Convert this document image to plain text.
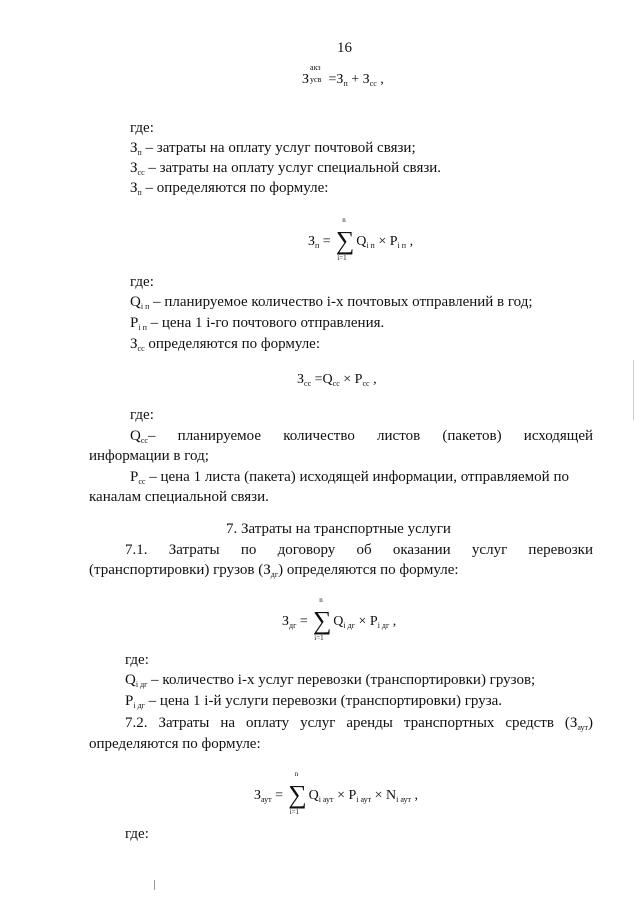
16
З
акз
усв $=З_п + З_{сс}$ ,
где:
$З_п$ – затраты на оплату услуг почтовой связи;
$З_{сс}$ – затраты на оплату услуг специальной связи.
$З_п$ – определяются по формуле:
$З_п$ =
n
∑
i=1
$Q_{i п} \times P_{i п}$ ,
где:
$Q_{i п}$ – планируемое количество i-х почтовых отправлений в год;
$P_{i п}$ – цена 1 i-го почтового отправления.
$З_{сс}$ определяются по формуле:
$З_{сс} =Q_{сс} \times P_{сс}$ ,
где:
$Q_{сс}-$ планируемое количество листов (пакетов) исходящей
информации в год;
$P_{сс}$ – цена 1 листа (пакета) исходящей информации, отправляемой по
каналам специальной связи.
7. Затраты на транспортные услуги
7.1. Затраты по договору об оказании услуг перевозки
(транспортировки) грузов $(З_{дг})$ определяются по формуле:
$З_{дг}$ =
n
∑
i=1
$Q_{i дг} \times P_{i дг}$ ,
где:
$Q_{i дг}$ – количество i-х услуг перевозки (транспортировки) грузов;
$P_{i дг}$ – цена 1 i-й услуги перевозки (транспортировки) груза.
7.2. Затраты на оплату услуг аренды транспортных средств $(З_{аут})$
определяются по формуле:
$З_{аут}$ =
n
∑
i=1
$Q_{i аут} \times P_{i аут} \times N_{i аут}$ ,
где:
